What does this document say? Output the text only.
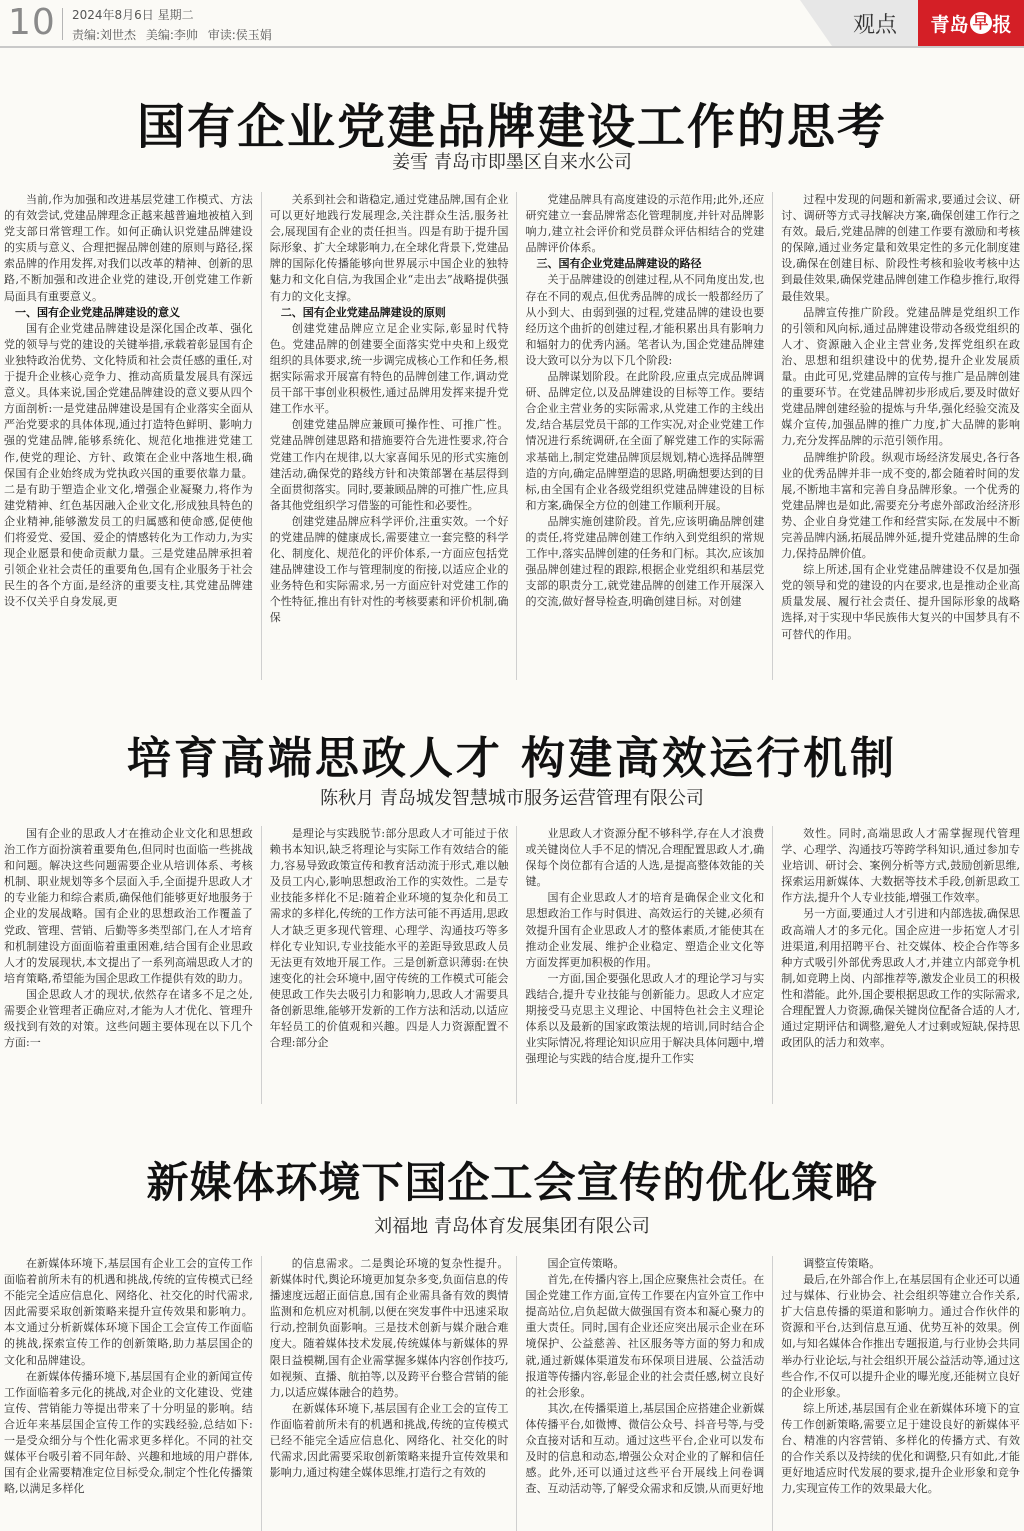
10 2024年8月6日 星期二
责编:刘世杰 美编:李帅 审读:侯玉娟	观点	青岛 早 报
国有企业党建品牌建设工作的思考
姜雪 青岛市即墨区自来水公司

当前,作为加强和改进基层党建工作模式、方法的有效尝试,党建品牌理念正越来越普遍地被植入到党支部日常管理工作。如何正确认识党建品牌建设的实质与意义、合理把握品牌创建的原则与路径,探索品牌的作用发挥,对我们以改革的精神、创新的思路,不断加强和改进企业党的建设,开创党建工作新局面具有重要意义。

一、国有企业党建品牌建设的意义

国有企业党建品牌建设是深化国企改革、强化党的领导与党的建设的关键举措,承载着彰显国有企业独特政治优势、文化特质和社会责任感的重任,对于提升企业核心竞争力、推动高质量发展具有深远意义。具体来说,国企党建品牌建设的意义要从四个方面剖析:一是党建品牌建设是国有企业落实全面从严治党要求的具体体现,通过打造特色鲜明、影响力强的党建品牌,能够系统化、规范化地推进党建工作,使党的理论、方针、政策在企业中落地生根,确保国有企业始终成为党执政兴国的重要依靠力量。二是有助于塑造企业文化,增强企业凝聚力,将作为建党精神、红色基因融入企业文化,形成独具特色的企业精神,能够激发员工的归属感和使命感,促使他们将爱党、爱国、爱企的情感转化为工作动力,为实现企业愿景和使命贡献力量。三是党建品牌承担着引领企业社会责任的重要角色,国有企业服务于社会民生的各个方面,是经济的重要支柱,其党建品牌建设不仅关乎自身发展,更

关系到社会和谐稳定,通过党建品牌,国有企业可以更好地践行发展理念,关注群众生活,服务社会,展现国有企业的责任担当。四是有助于提升国际形象、扩大全球影响力,在全球化背景下,党建品牌的国际化传播能够向世界展示中国企业的独特魅力和文化自信,为我国企业“走出去”战略提供强有力的文化支撑。

二、国有企业党建品牌建设的原则

创建党建品牌应立足企业实际,彰显时代特色。党建品牌的创建要全面落实党中央和上级党组织的具体要求,统一步调完成核心工作和任务,根据实际需求开展富有特色的品牌创建工作,调动党员干部干事创业积极性,通过品牌用发挥来提升党建工作水平。

创建党建品牌应兼顾可操作性、可推广性。党建品牌创建思路和措施要符合先进性要求,符合党建工作内在规律,以大家喜闻乐见的形式实施创建活动,确保党的路线方针和决策部署在基层得到全面贯彻落实。同时,要兼顾品牌的可推广性,应具备其他党组织学习借鉴的可能性和必要性。

创建党建品牌应科学评价,注重实效。一个好的党建品牌的健康成长,需要建立一套完整的科学化、制度化、规范化的评价体系,一方面应包括党建品牌建设工作与管理制度的衔接,以适应企业的业务特色和实际需求,另一方面应针对党建工作的个性特征,推出有针对性的考核要素和评价机制,确保

党建品牌具有高度建设的示范作用;此外,还应研究建立一套品牌常态化管理制度,并针对品牌影响力,建立社会评价和党员群众评估相结合的党建品牌评价体系。

三、国有企业党建品牌建设的路径

关于品牌建设的创建过程,从不同角度出发,也存在不同的观点,但优秀品牌的成长一般都经历了从小到大、由弱到强的过程,党建品牌的建设也要经历这个曲折的创建过程,才能积累出具有影响力和辐射力的优秀内涵。笔者认为,国企党建品牌建设大致可以分为以下几个阶段:

品牌谋划阶段。在此阶段,应重点完成品牌调研、品牌定位,以及品牌建设的目标等工作。要结合企业主营业务的实际需求,从党建工作的主线出发,结合基层党员干部的工作实况,对企业党建工作情况进行系统调研,在全面了解党建工作的实际需求基础上,制定党建品牌顶层规划,精心选择品牌塑造的方向,确定品牌塑造的思路,明确想要达到的目标,由全国有企业各级党组织党建品牌建设的目标和方案,确保全方位的创建工作顺利开展。

品牌实施创建阶段。首先,应该明确品牌创建的责任,将党建品牌创建工作纳入到党组织的常规工作中,落实品牌创建的任务和门标。其次,应该加强品牌创建过程的跟踪,根据企业党组织和基层党支部的职责分工,就党建品牌的创建工作开展深入的交流,做好督导检查,明确创建目标。对创建

过程中发现的问题和新需求,要通过会议、研讨、调研等方式寻找解决方案,确保创建工作行之有效。最后,党建品牌的创建工作要有激励和考核的保障,通过业务定量和效果定性的多元化制度建设,确保在创建目标、阶段性考核和验收考核中达到最佳效果,确保党建品牌创建工作稳步推行,取得最佳效果。

品牌宣传推广阶段。党建品牌是党组织工作的引领和风向标,通过品牌建设带动各级党组织的人才、资源融入企业主营业务,发挥党组织在政治、思想和组织建设中的优势,提升企业发展质量。由此可见,党建品牌的宣传与推广是品牌创建的重要环节。在党建品牌初步形成后,要及时做好党建品牌创建经验的提炼与升华,强化经验交流及媒介宣传,加强品牌的推广力度,扩大品牌的影响力,充分发挥品牌的示范引领作用。

品牌维护阶段。纵观市场经济发展史,各行各业的优秀品牌并非一成不变的,都会随着时间的发展,不断地丰富和完善自身品牌形象。一个优秀的党建品牌也是如此,需要充分考虑外部政治经济形势、企业自身党建工作和经营实际,在发展中不断完善品牌内涵,拓展品牌外延,提升党建品牌的生命力,保持品牌价值。

综上所述,国有企业党建品牌建设不仅是加强党的领导和党的建设的内在要求,也是推动企业高质量发展、履行社会责任、提升国际形象的战略选择,对于实现中华民族伟大复兴的中国梦具有不可替代的作用。

培育高端思政人才 构建高效运行机制
陈秋月 青岛城发智慧城市服务运营管理有限公司

国有企业的思政人才在推动企业文化和思想政治工作方面扮演着重要角色,但同时也面临一些挑战和问题。解决这些问题需要企业从培训体系、考核机制、职业规划等多个层面入手,全面提升思政人才的专业能力和综合素质,确保他们能够更好地服务于企业的发展战略。国有企业的思想政治工作覆盖了党政、管理、营销、后勤等多类型部门,在人才培育和机制建设方面面临着重重困难,结合国有企业思政人才的发展现状,本文提出了一系列高端思政人才的培育策略,希望能为国企思政工作提供有效的助力。

国企思政人才的现状,依然存在诸多不足之处,需要企业管理者正确应对,才能为人才优化、管理升级找到有效的对策。这些问题主要体现在以下几个方面:一

是理论与实践脱节:部分思政人才可能过于依赖书本知识,缺乏将理论与实际工作有效结合的能力,容易导致政策宣传和教育活动流于形式,难以触及员工内心,影响思想政治工作的实效性。二是专业技能多样化不足:随着企业环境的复杂化和员工需求的多样化,传统的工作方法可能不再适用,思政人才缺乏更多现代管理、心理学、沟通技巧等多样化专业知识,专业技能水平的差距导致思政人员无法更有效地开展工作。三是创新意识薄弱:在快速变化的社会环境中,固守传统的工作模式可能会使思政工作失去吸引力和影响力,思政人才需要具备创新思维,能够开发新的工作方法和活动,以适应年轻员工的价值观和兴趣。四是人力资源配置不合理:部分企

业思政人才资源分配不够科学,存在人才浪费或关键岗位人手不足的情况,合理配置思政人才,确保每个岗位都有合适的人选,是提高整体效能的关键。

国有企业思政人才的培育是确保企业文化和思想政治工作与时俱进、高效运行的关键,必须有效提升国有企业思政人才的整体素质,才能使其在推动企业发展、维护企业稳定、塑造企业文化等方面发挥更加积极的作用。

一方面,国企要强化思政人才的理论学习与实践结合,提升专业技能与创新能力。思政人才应定期接受马克思主义理论、中国特色社会主义理论体系以及最新的国家政策法规的培训,同时结合企业实际情况,将理论知识应用于解决具体问题中,增强理论与实践的结合度,提升工作实

效性。同时,高端思政人才需掌握现代管理学、心理学、沟通技巧等跨学科知识,通过参加专业培训、研讨会、案例分析等方式,鼓励创新思维,探索运用新媒体、大数据等技术手段,创新思政工作方法,提升个人专业技能,增强工作效率。

另一方面,要通过人才引进和内部选拔,确保思政高端人才的多元化。国企应进一步拓宽人才引进渠道,利用招聘平台、社交媒体、校企合作等多种方式吸引外部优秀思政人才,并建立内部竞争机制,如竞聘上岗、内部推荐等,激发企业员工的积极性和潜能。此外,国企要根据思政工作的实际需求,合理配置人力资源,确保关键岗位配备合适的人才,通过定期评估和调整,避免人才过剩或短缺,保持思政团队的活力和效率。

新媒体环境下国企工会宣传的优化策略
刘福地 青岛体育发展集团有限公司

在新媒体环境下,基层国有企业工会的宣传工作面临着前所未有的机遇和挑战,传统的宣传模式已经不能完全适应信息化、网络化、社交化的时代需求,因此需要采取创新策略来提升宣传效果和影响力。本文通过分析新媒体环境下国企工会宣传工作面临的挑战,探索宣传工作的创新策略,助力基层国企的文化和品牌建设。

在新媒体传播环境下,基层国有企业的新闻宣传工作面临着多元化的挑战,对企业的文化建设、党建宣传、营销能力等提出带来了十分明显的影响。结合近年来基层国企宣传工作的实践经验,总结如下:一是受众细分与个性化需求更多样化。不同的社交媒体平台吸引着不同年龄、兴趣和地域的用户群体,国有企业需要精准定位目标受众,制定个性化传播策略,以满足多样化

的信息需求。二是舆论环境的复杂性提升。新媒体时代,舆论环境更加复杂多变,负面信息的传播速度远超正面信息,国有企业需具备有效的舆情监测和危机应对机制,以便在突发事件中迅速采取行动,控制负面影响。三是技术创新与媒介融合难度大。随着媒体技术发展,传统媒体与新媒体的界限日益模糊,国有企业需掌握多媒体内容创作技巧,如视频、直播、航拍等,以及跨平台整合营销的能力,以适应媒体融合的趋势。

在新媒体环境下,基层国有企业工会的宣传工作面临着前所未有的机遇和挑战,传统的宣传模式已经不能完全适应信息化、网络化、社交化的时代需求,因此需要采取创新策略来提升宣传效果和影响力,通过构建全媒体思维,打造行之有效的

国企宣传策略。

首先,在传播内容上,国企应聚焦社会责任。在国企党建工作方面,宣传工作要在内宣外宣工作中提高站位,启负起做大做强国有资本和凝心聚力的重大责任。同时,国有企业还应突出展示企业在环境保护、公益慈善、社区服务等方面的努力和成就,通过新媒体渠道发布环保项目进展、公益活动报道等传播内容,彰显企业的社会责任感,树立良好的社会形象。

其次,在传播渠道上,基层国企应搭建企业新媒体传播平台,如微博、微信公众号、抖音号等,与受众直接对话和互动。通过这些平台,企业可以发布及时的信息和动态,增强公众对企业的了解和信任感。此外,还可以通过这些平台开展线上问卷调查、互动活动等,了解受众需求和反馈,从而更好地

调整宣传策略。

最后,在外部合作上,在基层国有企业还可以通过与媒体、行业协会、社会组织等建立合作关系,扩大信息传播的渠道和影响力。通过合作伙伴的资源和平台,达到信息互通、优势互补的效果。例如,与知名媒体合作推出专题报道,与行业协会共同举办行业论坛,与社会组织开展公益活动等,通过这些合作,不仅可以提升企业的曝光度,还能树立良好的企业形象。

综上所述,基层国有企业在新媒体环境下的宣传工作创新策略,需要立足于建设良好的新媒体平台、精准的内容营销、多样化的传播方式、有效的合作关系以及持续的优化和调整,只有如此,才能更好地适应时代发展的要求,提升企业形象和竞争力,实现宣传工作的效果最大化。
